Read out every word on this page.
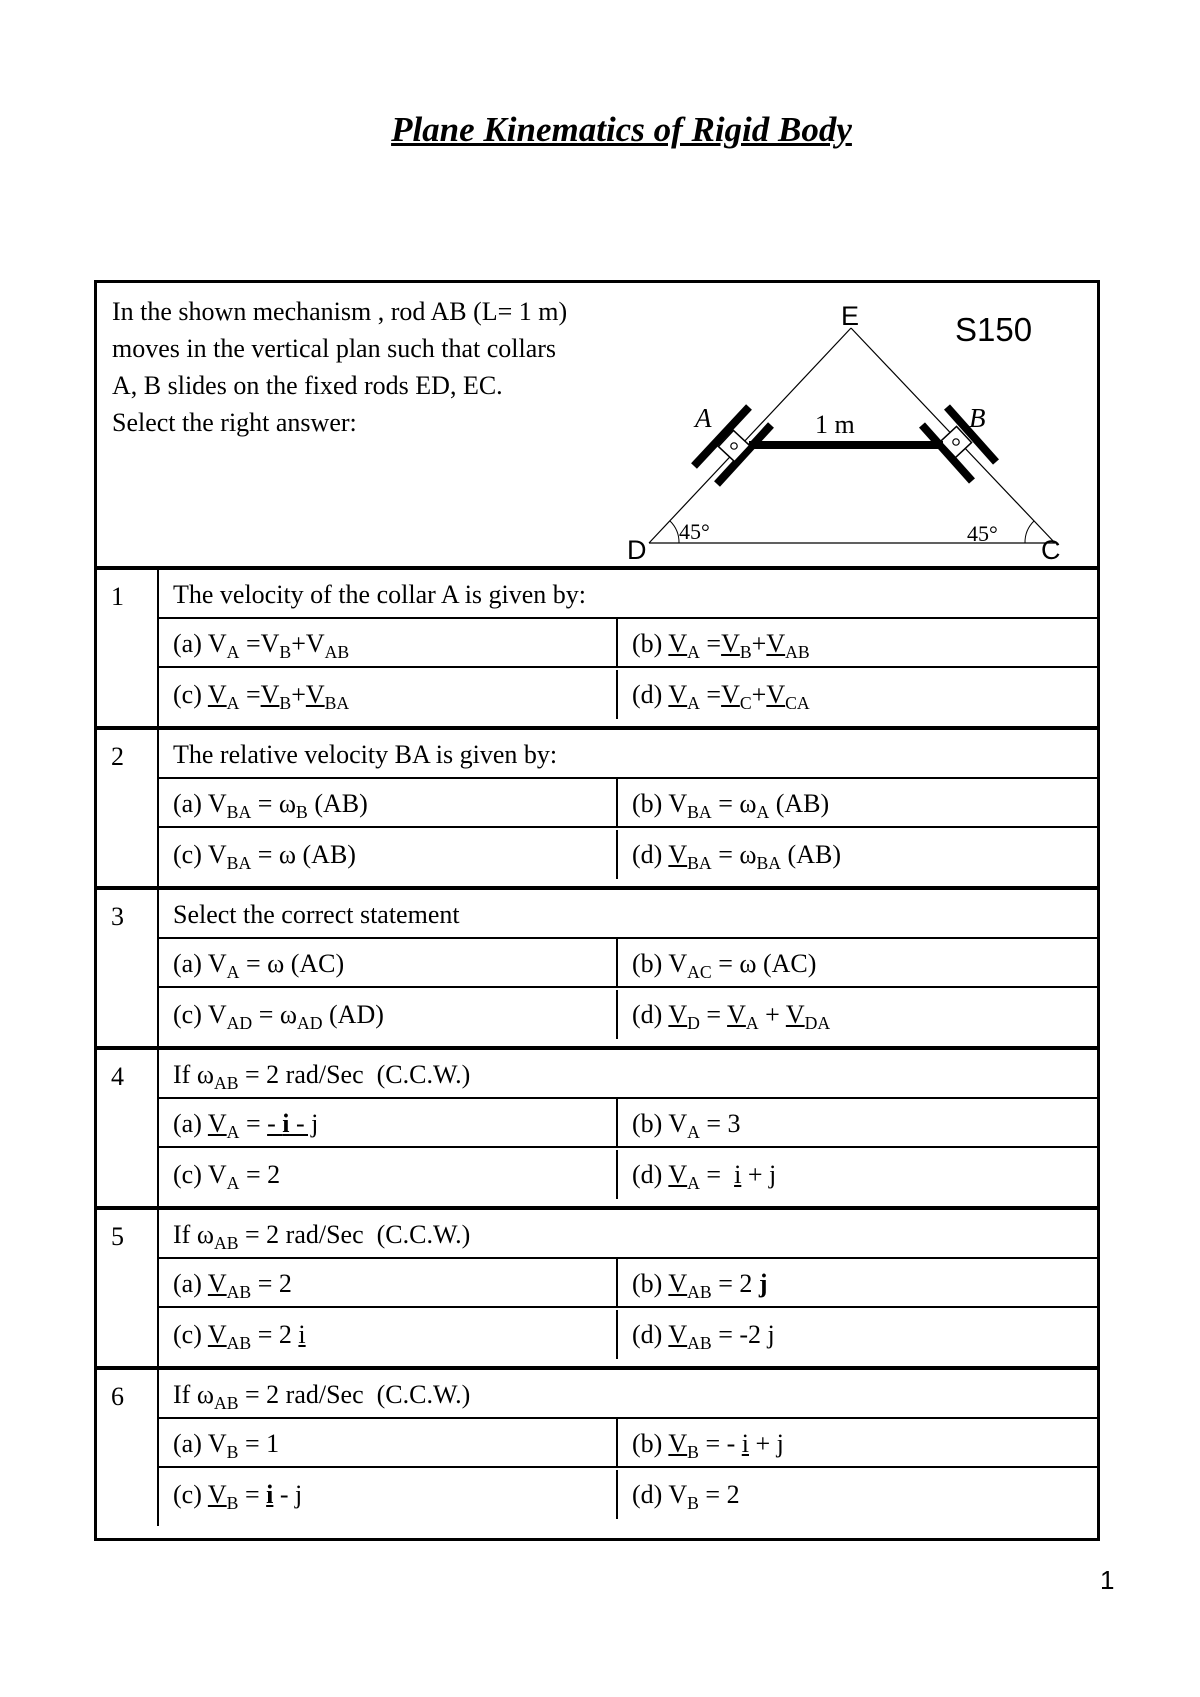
Plane Kinematics of Rigid Body
In the shown mechanism , rod AB (L= 1 m) moves in the vertical plan such that collars A, B slides on the fixed rods ED, EC. Select the right answer:
E
D	C
A	B
1 m
45°	45°
S150
1	The velocity of the collar A is given by:
(a) $V_A =V_B+V_{AB}$	(b) $V_A =V_B+V_{AB}$
(c) $V_A =V_B+V_{BA}$	(d) $V_A =V_C+V_{CA}$
2	The relative velocity BA is given by:
(a) $V_{BA} = \omega_B$ (AB)	(b) $V_{BA} = \omega_A$ (AB)
(c) $V_{BA} = \omega$ (AB)	(d) $V_{BA} = \omega_{BA}$ (AB)
3	Select the correct statement
(a) $V_A = \omega$ (AC)	(b) $V_{AC} = \omega$ (AC)
(c) $V_{AD} = \omega_{AD}$ (AD)	(d) $V_D = V_A + V_{DA}$
4	If $\omega_{AB} = 2$ rad/Sec  (C.C.W.)
(a) $V_A$ = - i - j	(b) $V_A = 3$
(c) $V_A = 2$	(d) $V_A = i + j$
5	If $\omega_{AB} = 2$ rad/Sec  (C.C.W.)
(a) $V_{AB} = 2$	(b) $V_{AB} = 2$ j
(c) $V_{AB} = 2$ i	(d) $V_{AB} = -2$ j
6	If $\omega_{AB} = 2$ rad/Sec  (C.C.W.)
(a) $V_B = 1$	(b) $V_B$ = - i + j
(c) $V_B = i - j$	(d) $V_B = 2$
1
